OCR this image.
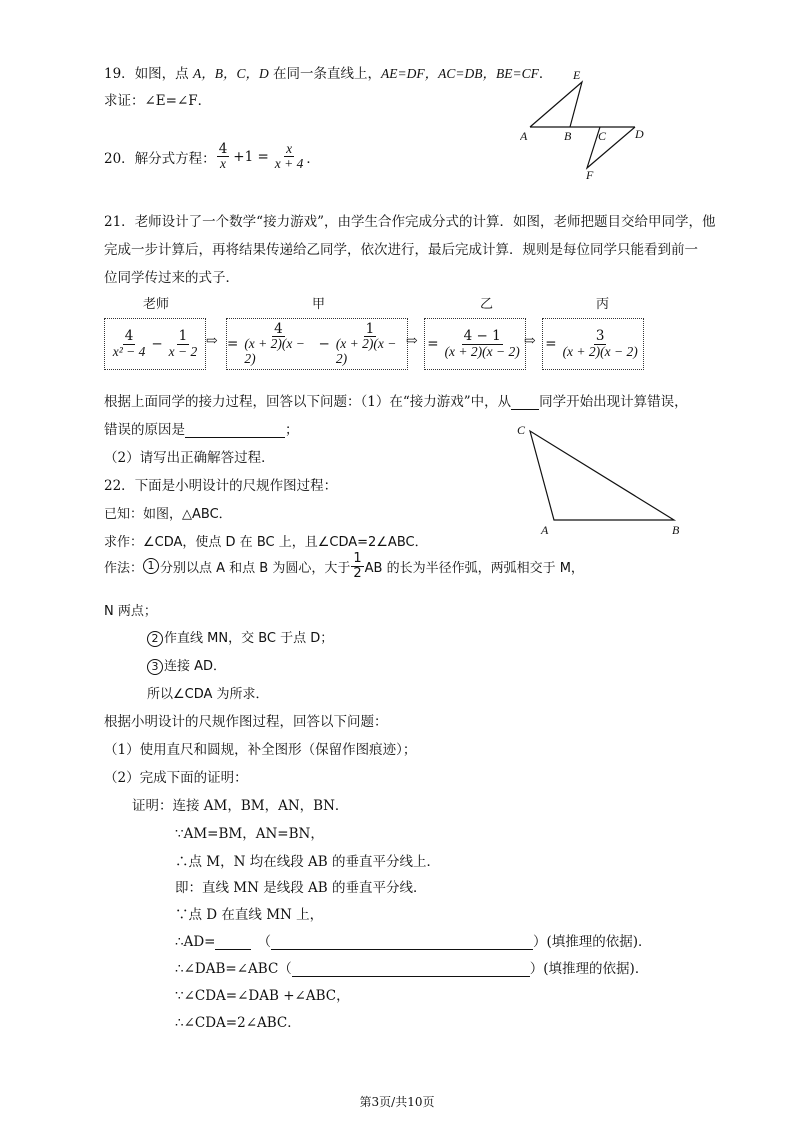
19．如图，点 A，B，C，D 在同一条直线上，AE=DF，AC=DB，BE=CF．
求证：∠E=∠F．
A	B C D
E
F
20． 解分式方程： $\frac{4}{x} +1 = \frac{x}{x + 4}$ ．
21．老师设计了一个数学“接力游戏”，由学生合作完成分式的计算．如图，老师把题目交给甲同学，他
完成一步计算后，再将结果传递给乙同学，依次进行，最后完成计算．规则是每位同学只能看到前一
位同学传过来的式子．
老师	甲	乙	丙
$\frac{4}{\text{x² − 4}} - \frac{1}{x - 2}$ ⇨ = $\frac{4}{(x + 2)(x - 2)} - \frac{1}{(x + 2)(x - 2)}$ ⇨ = $\frac{4 - 1}{(x + 2)(x - 2)}$ ⇨ = $\frac{3}{(x + 2)(x - 2)}$
根据上面同学的接力过程，回答以下问题：（1）在“接力游戏”中，从 同学开始出现计算错误，
错误的原因是	；
（2）请写出正确解答过程．
C
A	B
22．下面是小明设计的尺规作图过程：
已知：如图，△ABC．
求作：∠CDA，使点 D 在 BC 上，且∠CDA=2∠ABC．
作法： 1 分别以点 A 和点 B 为圆心，大于 $\frac{1}{2}$ AB 的长为半径作弧，两弧相交于 M，
N 两点；
2 作直线 MN，交 BC 于点 D；
3 连接 AD．
所以∠CDA 为所求．
根据小明设计的尺规作图过程，回答以下问题：
（1）使用直尺和圆规，补全图形（保留作图痕迹）；
（2）完成下面的证明：
证明：连接 AM，BM，AN，BN．
∵AM=BM，AN=BN，
∴点 M，N 均在线段 AB 的垂直平分线上．
即：直线 MN 是线段 AB 的垂直平分线．
∵点 D 在直线 MN 上，
∴AD=	（	）(填推理的依据)．
∴∠DAB=∠ABC（	）(填推理的依据)．
∵∠CDA=∠DAB +∠ABC，
∴∠CDA=2∠ABC．
第3页/共10页
